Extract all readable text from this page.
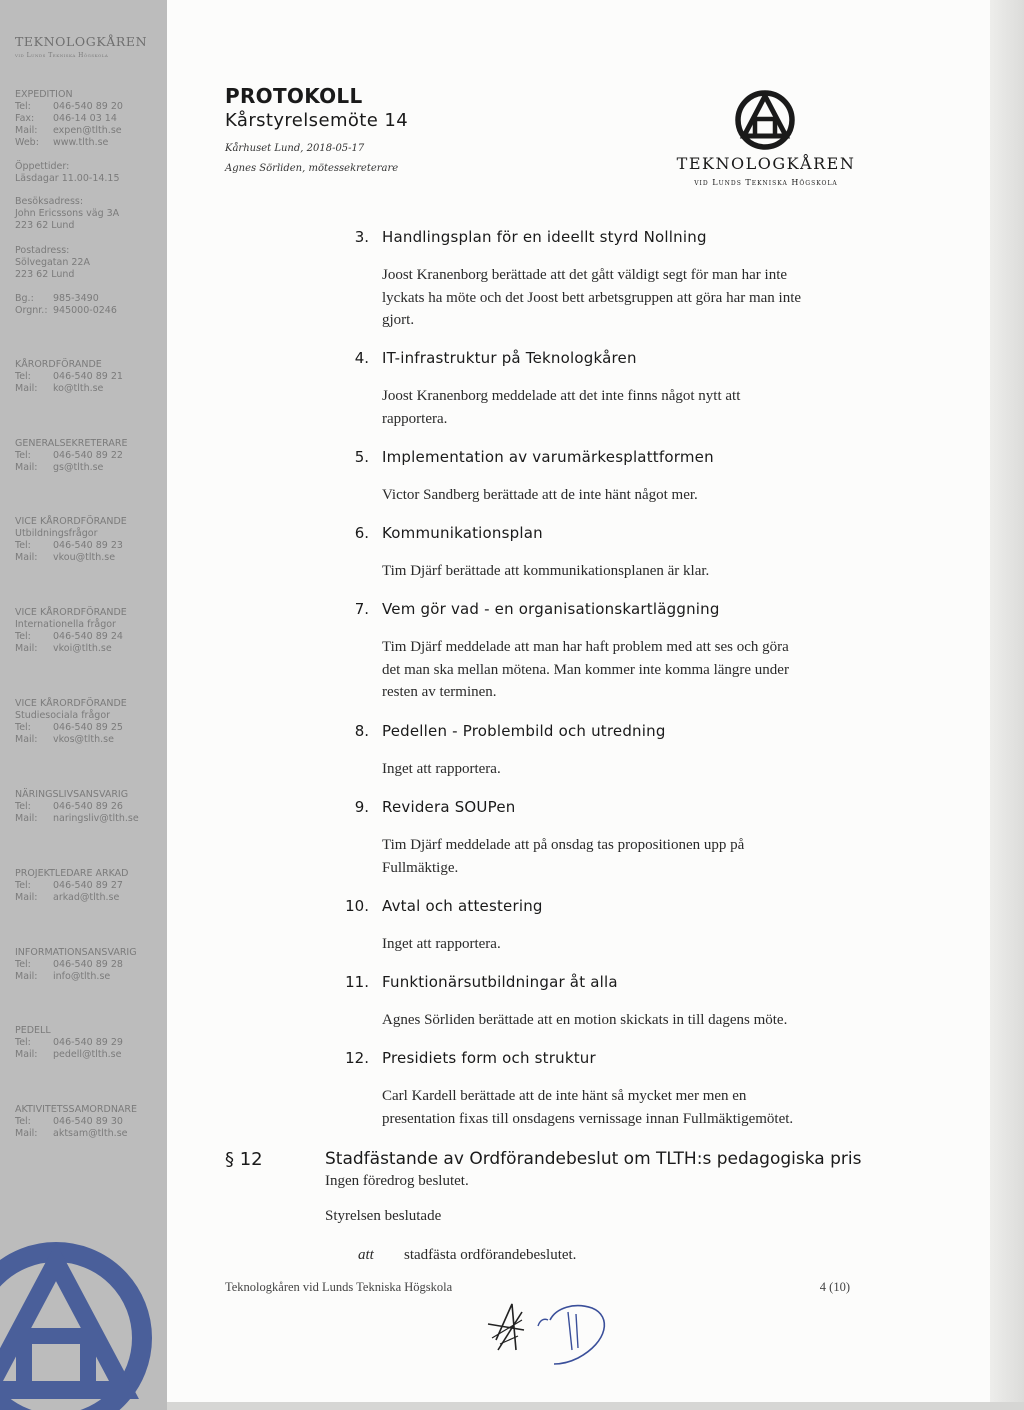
TEKNOLOGKÅREN
vid Lunds Tekniska Högskola
EXPEDITION
Tel:	046-540 89 20
Fax:	046-14 03 14
Mail:	expen@tlth.se
Web:	www.tlth.se
Öppettider:
Läsdagar 11.00-14.15
Besöksadress:
John Ericssons väg 3A
223 62 Lund
Postadress:
Sölvegatan 22A
223 62 Lund
Bg.:	985-3490
Orgnr.: 945000-0246
KÅRORDFÖRANDE
Tel:	046-540 89 21
Mail:	ko@tlth.se
GENERALSEKRETERARE
Tel:	046-540 89 22
Mail:	gs@tlth.se
VICE KÅRORDFÖRANDE
Utbildningsfrågor
Tel:	046-540 89 23
Mail:	vkou@tlth.se
VICE KÅRORDFÖRANDE
Internationella frågor
Tel:	046-540 89 24
Mail:	vkoi@tlth.se
VICE KÅRORDFÖRANDE
Studiesociala frågor
Tel:	046-540 89 25
Mail:	vkos@tlth.se
NÄRINGSLIVSANSVARIG
Tel:	046-540 89 26
Mail:	naringsliv@tlth.se
PROJEKTLEDARE ARKAD
Tel:	046-540 89 27
Mail:	arkad@tlth.se
INFORMATIONSANSVARIG
Tel:	046-540 89 28
Mail:	info@tlth.se
PEDELL
Tel:	046-540 89 29
Mail:	pedell@tlth.se
AKTIVITETSSAMORDNARE
Tel:	046-540 89 30
Mail:	aktsam@tlth.se
PROTOKOLL
Kårstyrelsemöte 14
Kårhuset Lund, 2018-05-17
Agnes Sörliden, mötessekreterare	TEKNOLOGKÅREN
vid Lunds Tekniska Högskola
3. Handlingsplan för en ideellt styrd Nollning
Joost Kranenborg berättade att det gått väldigt segt för man har inte
lyckats ha möte och det Joost bett arbetsgruppen att göra har man inte
gjort.
4. IT-infrastruktur på Teknologkåren
Joost Kranenborg meddelade att det inte finns något nytt att
rapportera.
5. Implementation av varumärkesplattformen
Victor Sandberg berättade att de inte hänt något mer.
6. Kommunikationsplan
Tim Djärf berättade att kommunikationsplanen är klar.
7. Vem gör vad - en organisationskartläggning
Tim Djärf meddelade att man har haft problem med att ses och göra
det man ska mellan mötena. Man kommer inte komma längre under
resten av terminen.
8. Pedellen - Problembild och utredning
Inget att rapportera.
9. Revidera SOUPen
Tim Djärf meddelade att på onsdag tas propositionen upp på
Fullmäktige.
10. Avtal och attestering
Inget att rapportera.
11. Funktionärsutbildningar åt alla
Agnes Sörliden berättade att en motion skickats in till dagens möte.
12. Presidiets form och struktur
Carl Kardell berättade att de inte hänt så mycket mer men en
presentation fixas till onsdagens vernissage innan Fullmäktigemötet.
§ 12	Stadfästande av Ordförandebeslut om TLTH:s pedagogiska pris
Ingen föredrog beslutet.
Styrelsen beslutade
att stadfästa ordförandebeslutet.
Teknologkåren vid Lunds Tekniska Högskola	4 (10)
